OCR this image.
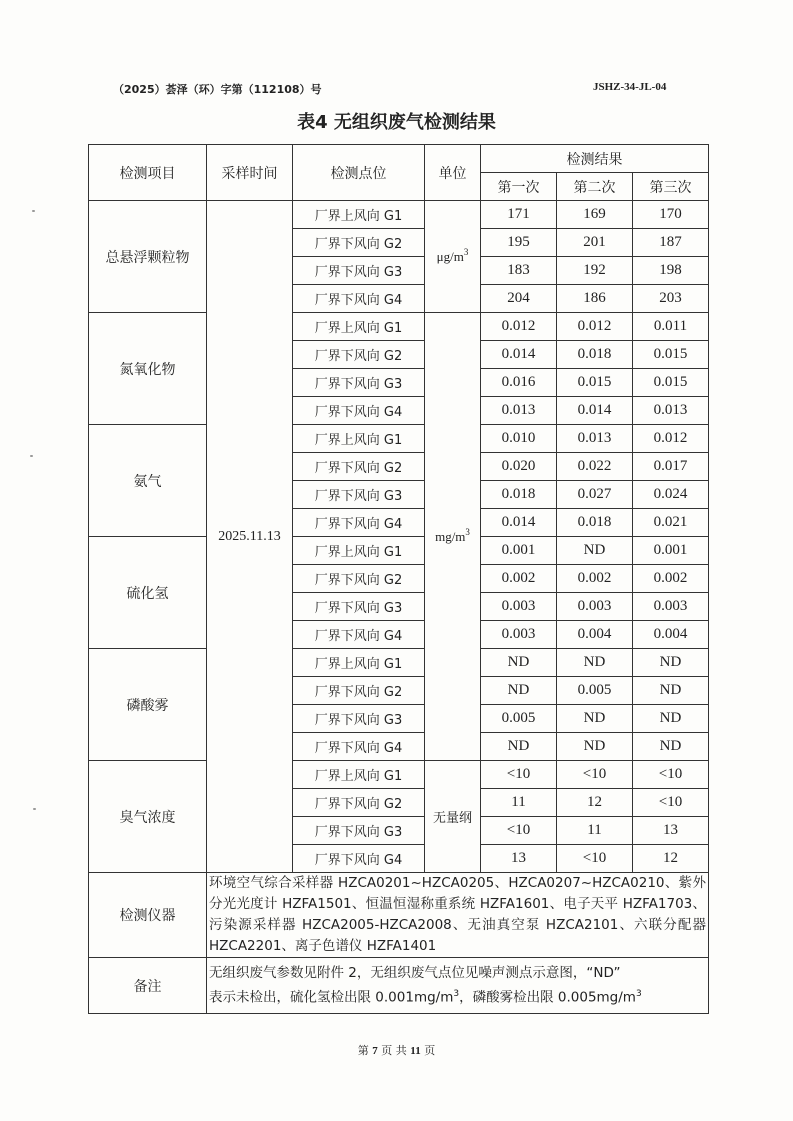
（2025）荟泽（环）字第（112108）号	JSHZ-34-JL-04
表4 无组织废气检测结果
检测项目	采样时间	检测点位	单位	检测结果		
				第一次	第二次	第三次
总悬浮颗粒物	2025.11.13	厂界上风向 G1	$\mu g/m^3$	171	169	170
		厂界下风向 G2		195	201	187
		厂界下风向 G3		183	192	198
		厂界下风向 G4		204	186	203
氮氧化物		厂界上风向 G1	$mg/m^3$	0.012	0.012	0.011
		厂界下风向 G2		0.014	0.018	0.015
		厂界下风向 G3		0.016	0.015	0.015
		厂界下风向 G4		0.013	0.014	0.013
氨气		厂界上风向 G1		0.010	0.013	0.012
		厂界下风向 G2		0.020	0.022	0.017
		厂界下风向 G3		0.018	0.027	0.024
		厂界下风向 G4		0.014	0.018	0.021
硫化氢		厂界上风向 G1		0.001	ND	0.001
		厂界下风向 G2		0.002	0.002	0.002
		厂界下风向 G3		0.003	0.003	0.003
		厂界下风向 G4		0.003	0.004	0.004
磷酸雾		厂界上风向 G1		ND	ND	ND
		厂界下风向 G2		ND	0.005	ND
		厂界下风向 G3		0.005	ND	ND
		厂界下风向 G4		ND	ND	ND
臭气浓度		厂界上风向 G1	无量纲	<10	<10	<10
		厂界下风向 G2		11	12	<10
		厂界下风向 G3		<10	11	13
		厂界下风向 G4		13	<10	12
检测仪器	环境空气综合采样器 HZCA0201~HZCA0205、HZCA0207~HZCA0210、紫外分光光度计 HZFA1501、恒温恒湿称重系统 HZFA1601、电子天平 HZFA1703、污染源采样器 HZCA2005-HZCA2008、无油真空泵 HZCA2101、六联分配器 HZCA2201、离子色谱仪 HZFA1401					
备注	无组织废气参数见附件 2，无组织废气点位见噪声测点示意图，“ND”
表示未检出，硫化氢检出限 $0.001mg/m^3$，磷酸雾检出限 $0.005mg/m^3$
第 7 页 共 11 页
